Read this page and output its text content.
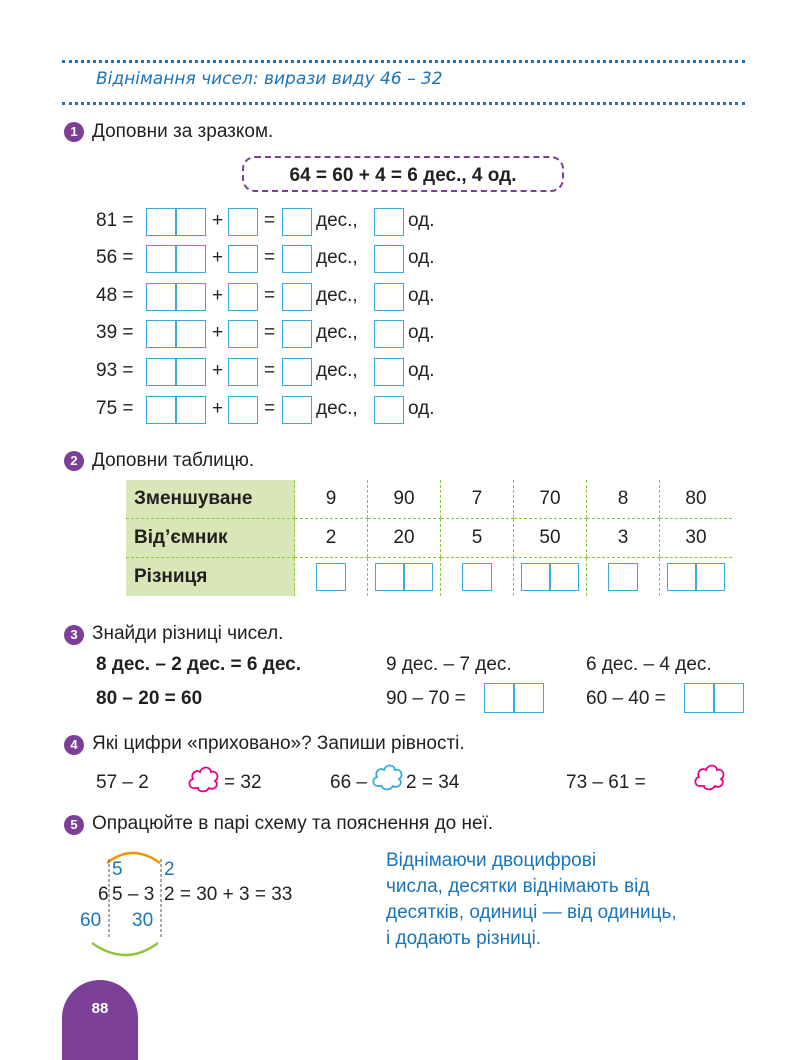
Віднімання чисел: вирази виду 46 – 32
1 Доповни за зразком.
64 = 60 + 4 = 6 дес., 4 од.
81 =	+ = дес.,	од.
56 =	+ = дес.,	од.
48 =	+ = дес.,	од.
39 =	+ = дес.,	од.
93 =	+ = дес.,	од.
75 =	+ = дес.,	од.
2 Доповни таблицю.
Зменшуване	9	90	7	70	8	80
Від’ємник	2	20	5	50	3	30
Різниця		

3 Знайди різниці чисел.
8 дес. – 2 дес. = 6 дес.
80 – 20 = 60
9 дес. – 7 дес.
90 – 70 =
6 дес. – 4 дес.
60 – 40 =
4 Які цифри «приховано»? Запиши рівності.
57 – 2	= 32	66 – 2 = 34	73 – 61 =
5 Опрацюйте в парі схему та пояснення до неї.
5 2
6 5 – 3 2 = 30 + 3 = 33
60 30
Віднімаючи двоцифрові
числа, десятки віднімають від
десятків, одиниці — від одиниць,
і додають різниці.
88
